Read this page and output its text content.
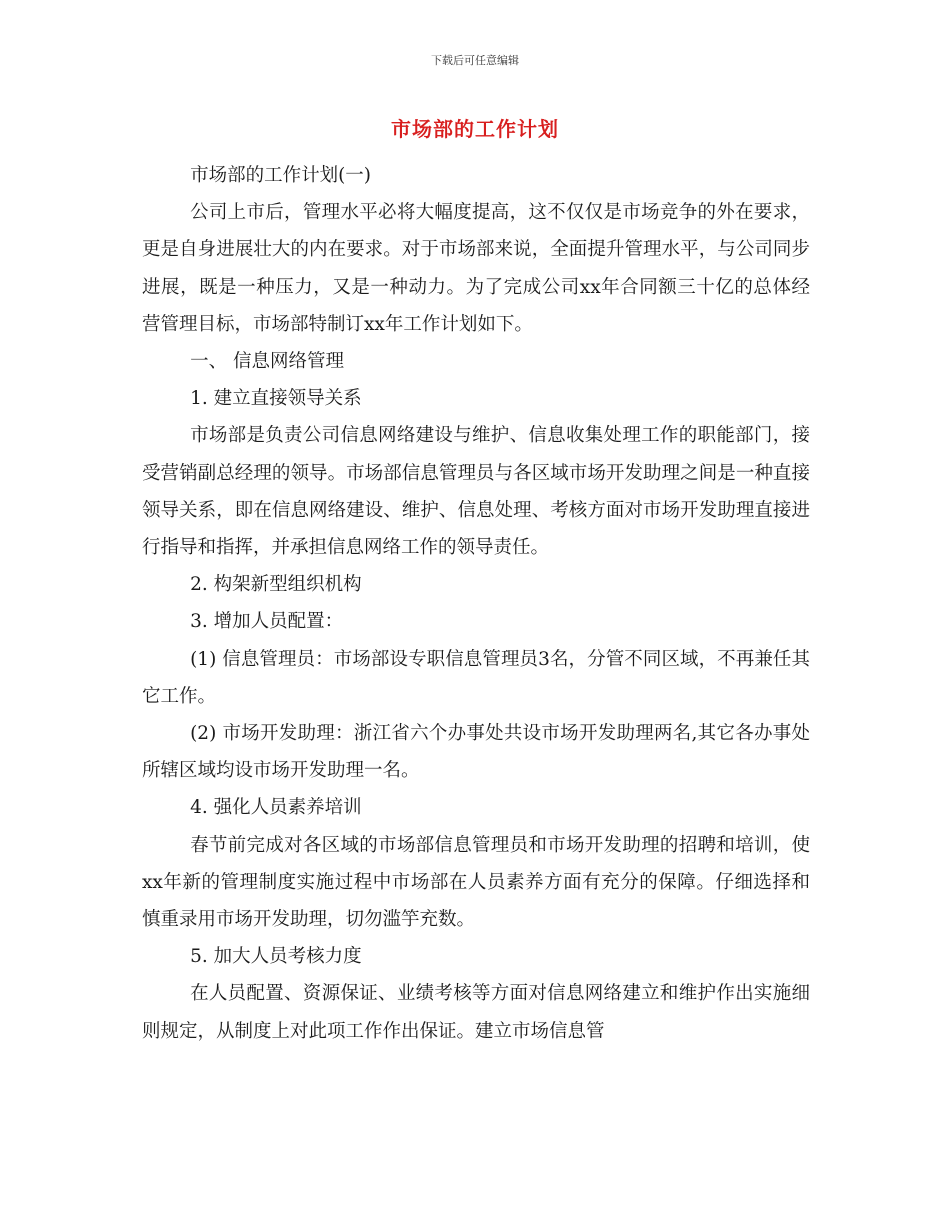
下载后可任意编辑
市场部的工作计划

市场部的工作计划(一)

公司上市后，管理水平必将大幅度提高，这不仅仅是市场竞争的外在要求，更是自身进展壮大的内在要求。对于市场部来说，全面提升管理水平，与公司同步进展，既是一种压力，又是一种动力。为了完成公司xx年合同额三十亿的总体经营管理目标，市场部特制订xx年工作计划如下。

一、 信息网络管理

1. 建立直接领导关系

市场部是负责公司信息网络建设与维护、信息收集处理工作的职能部门，接受营销副总经理的领导。市场部信息管理员与各区域市场开发助理之间是一种直接领导关系，即在信息网络建设、维护、信息处理、考核方面对市场开发助理直接进行指导和指挥，并承担信息网络工作的领导责任。

2. 构架新型组织机构

3. 增加人员配置：

(1) 信息管理员：市场部设专职信息管理员3名，分管不同区域，不再兼任其它工作。

(2) 市场开发助理：浙江省六个办事处共设市场开发助理两名,其它各办事处所辖区域均设市场开发助理一名。

4. 强化人员素养培训

春节前完成对各区域的市场部信息管理员和市场开发助理的招聘和培训，使xx年新的管理制度实施过程中市场部在人员素养方面有充分的保障。仔细选择和慎重录用市场开发助理，切勿滥竽充数。

5. 加大人员考核力度

在人员配置、资源保证、业绩考核等方面对信息网络建立和维护作出实施细则规定，从制度上对此项工作作出保证。建立市场信息管
